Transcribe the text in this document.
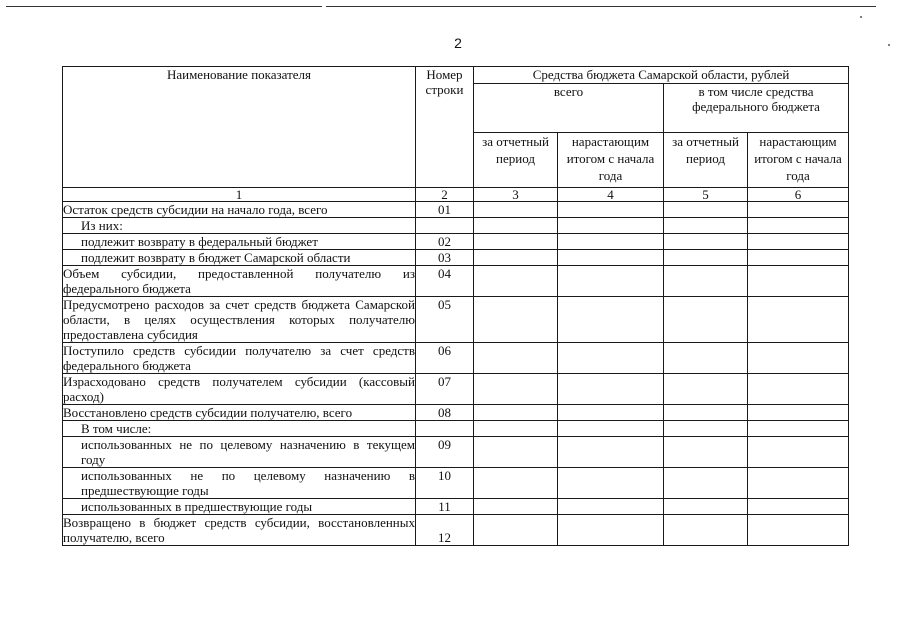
2
Наименование показателя	Номер строки	Средства бюджета Самарской области, рублей			
		всего		в том числе средства федерального бюджета	
		за отчетный период	нарастающим итогом с начала года	за отчетный период	нарастающим итогом с начала года
1	2	3	4	5	6
Остаток средств субсидии на начало года, всего	01				
Из них:					
подлежит возврату в федеральный бюджет	02				
подлежит возврату в бюджет Самарской области	03				
Объем субсидии, предоставленной получателю из федерального бюджета	04				
Предусмотрено расходов за счет средств бюджета Самарской области, в целях осуществления которых получателю предоставлена субсидия	05				
Поступило средств субсидии получателю за счет средств федерального бюджета	06				
Израсходовано средств получателем субсидии (кассовый расход)	07				
Восстановлено средств субсидии получателю, всего	08				
В том числе:					
использованных не по целевому назначению в текущем году	09				
использованных не по целевому назначению в предшествующие годы	10				
использованных в предшествующие годы	11				
Возвращено в бюджет средств субсидии, восстановленных получателю, всего	12				
